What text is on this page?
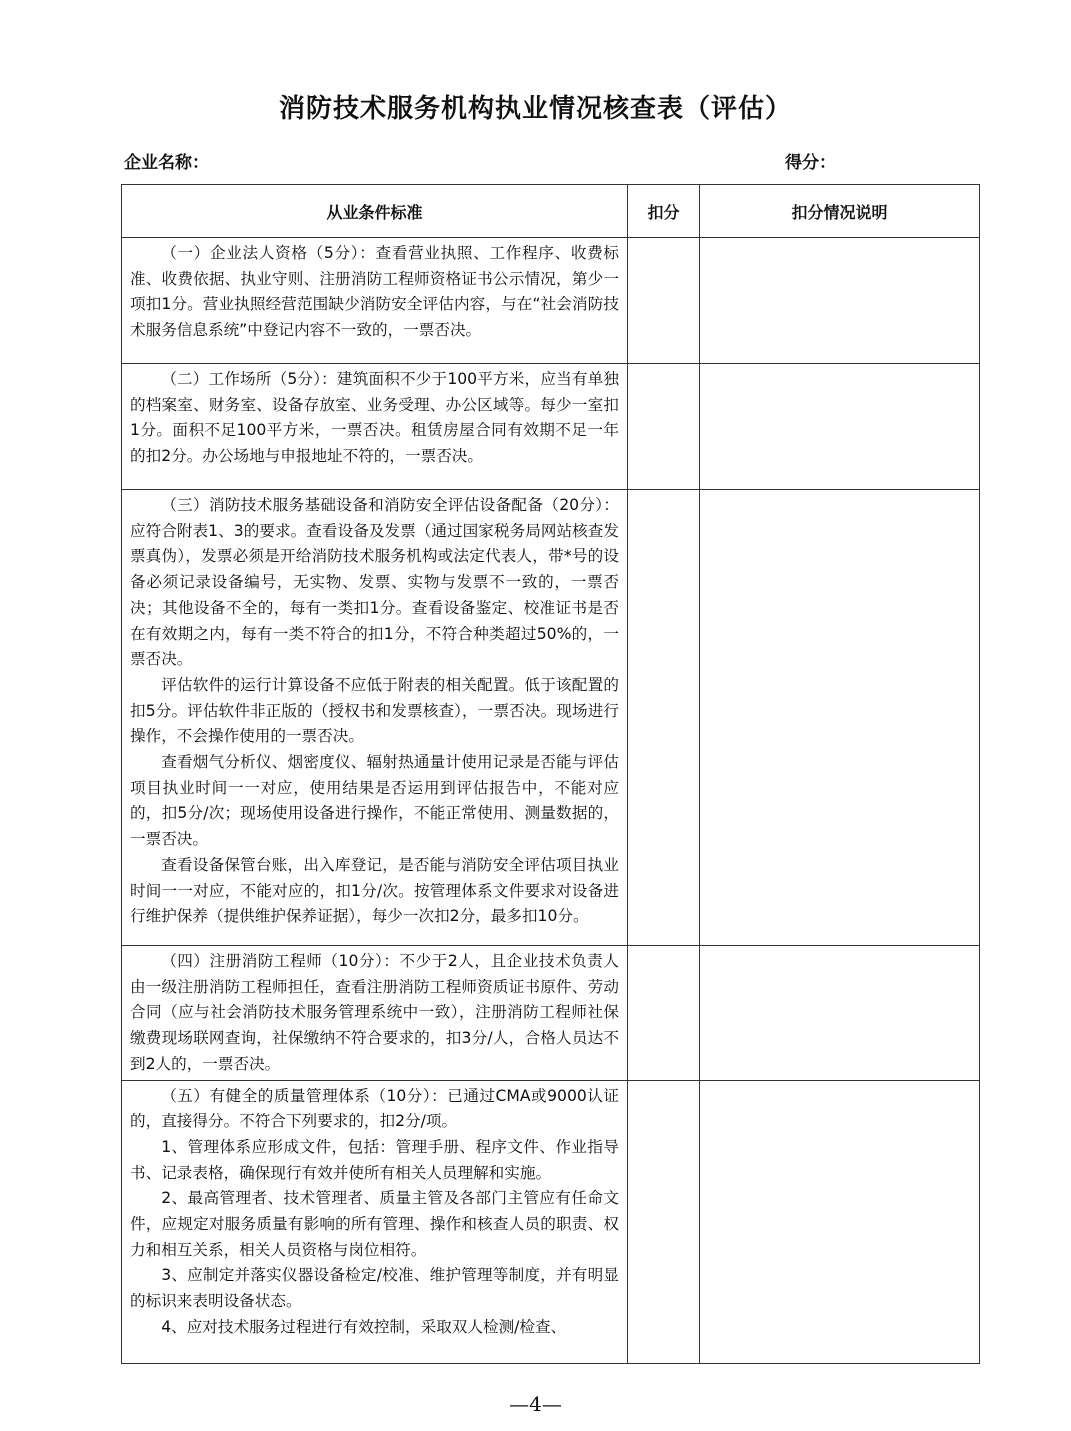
消防技术服务机构执业情况核查表（评估）
企业名称：	得分：
从业条件标准	扣分	扣分情况说明

（一）企业法人资格（5分）：查看营业执照、工作程序、收费标准、收费依据、执业守则、注册消防工程师资格证书公示情况，第少一项扣1分。营业执照经营范围缺少消防安全评估内容，与在“社会消防技术服务信息系统”中登记内容不一致的，一票否决。		

（二）工作场所（5分）：建筑面积不少于100平方米，应当有单独的档案室、财务室、设备存放室、业务受理、办公区域等。每少一室扣1分。面积不足100平方米，一票否决。租赁房屋合同有效期不足一年的扣2分。办公场地与申报地址不符的，一票否决。		

（三）消防技术服务基础设备和消防安全评估设备配备（20分）：应符合附表1、3的要求。查看设备及发票（通过国家税务局网站核查发票真伪），发票必须是开给消防技术服务机构或法定代表人，带*号的设备必须记录设备编号，无实物、发票、实物与发票不一致的，一票否决；其他设备不全的，每有一类扣1分。查看设备鉴定、校准证书是否在有效期之内，每有一类不符合的扣1分，不符合种类超过50%的，一票否决。

评估软件的运行计算设备不应低于附表的相关配置。低于该配置的扣5分。评估软件非正版的（授权书和发票核查），一票否决。现场进行操作，不会操作使用的一票否决。

查看烟气分析仪、烟密度仪、辐射热通量计使用记录是否能与评估项目执业时间一一对应，使用结果是否运用到评估报告中，不能对应的，扣5分/次；现场使用设备进行操作，不能正常使用、测量数据的，一票否决。

查看设备保管台账，出入库登记，是否能与消防安全评估项目执业时间一一对应，不能对应的，扣1分/次。按管理体系文件要求对设备进行维护保养（提供维护保养证据），每少一次扣2分，最多扣10分。		

（四）注册消防工程师（10分）：不少于2人，且企业技术负责人由一级注册消防工程师担任，查看注册消防工程师资质证书原件、劳动合同（应与社会消防技术服务管理系统中一致），注册消防工程师社保缴费现场联网查询，社保缴纳不符合要求的，扣3分/人，合格人员达不到2人的，一票否决。		

（五）有健全的质量管理体系（10分）：已通过CMA或9000认证的，直接得分。不符合下列要求的，扣2分/项。

1、管理体系应形成文件，包括：管理手册、程序文件、作业指导书、记录表格，确保现行有效并使所有相关人员理解和实施。

2、最高管理者、技术管理者、质量主管及各部门主管应有任命文件，应规定对服务质量有影响的所有管理、操作和核查人员的职责、权力和相互关系，相关人员资格与岗位相符。

3、应制定并落实仪器设备检定/校准、维护管理等制度，并有明显的标识来表明设备状态。

4、应对技术服务过程进行有效控制，采取双人检测/检查、		

—4—
